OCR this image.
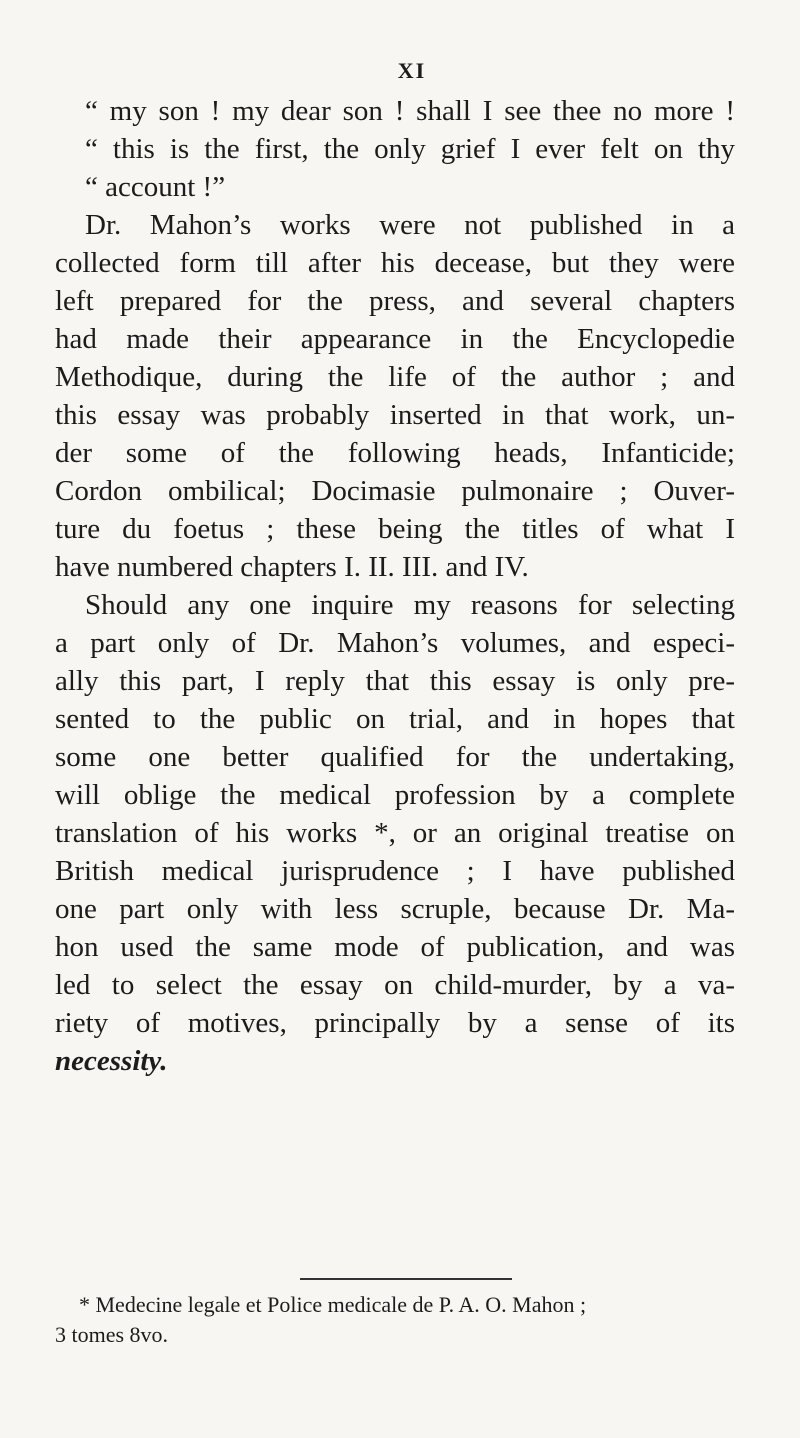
XI
“ my son ! my dear son ! shall I see thee no more !
“ this is the first, the only grief I ever felt on thy
“ account !”
Dr. Mahon’s works were not published in a
collected form till after his decease, but they were
left prepared for the press, and several chapters
had made their appearance in the Encyclopedie
Methodique, during the life of the author ; and
this essay was probably inserted in that work, un-
der some of the following heads, Infanticide;
Cordon ombilical; Docimasie pulmonaire ; Ouver-
ture du foetus ; these being the titles of what I
have numbered chapters I. II. III. and IV.
Should any one inquire my reasons for selecting
a part only of Dr. Mahon’s volumes, and especi-
ally this part, I reply that this essay is only pre-
sented to the public on trial, and in hopes that
some one better qualified for the undertaking,
will oblige the medical profession by a complete
translation of his works *, or an original treatise on
British medical jurisprudence ; I have published
one part only with less scruple, because Dr. Ma-
hon used the same mode of publication, and was
led to select the essay on child-murder, by a va-
riety of motives, principally by a sense of its
necessity.
* Medecine legale et Police medicale de P. A. O. Mahon ;
3 tomes 8vo.
